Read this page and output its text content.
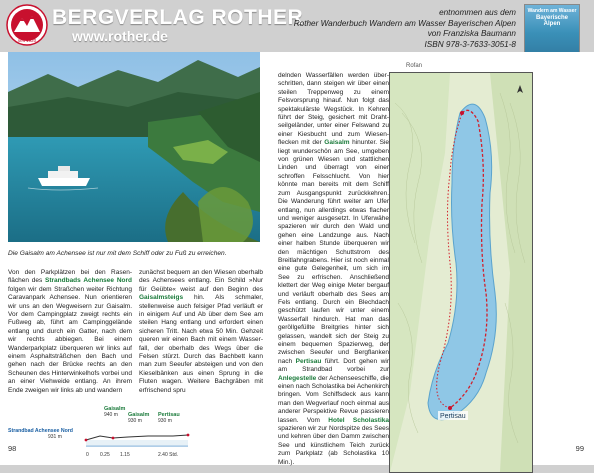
seit 1920
BERGVERLAG ROTHER
www.rother.de
entnommen aus dem
Rother Wanderbuch Wandern am Wasser Bayerischen Alpen
von Franziska Baumann
ISBN 978-3-7633-3051-8
Wandern am Wasser
Bayerische Alpen
Die Gaisalm am Achensee ist nur mit dem Schiff oder zu Fuß zu erreichen.

Von den Parkplätzen bei den Rasenflächen des Strandbads Achensee Nord folgen wir dem Straßchen weiter Richtung Caravanpark Achensee. Nun orientieren wir uns an den Wegweisern zur Gaisalm. Vor dem Campingplatz zweigt rechts ein Fußweg ab, führt am Campinggelände entlang und durch ein Gatter, nach dem wir rechts abbiegen. Bei einem Wanderparkplatz überqueren wir links auf einem Asphaltsträßchen den Bach und gehen nach der Brücke rechts an den Scheunen des Hinterwinkelhofs vorbei und an einer Viehweide entlang. An ihrem Ende zweigen wir links ab und wandern

zunächst bequem an den Wiesen oberhalb des Achensees entlang. Ein Schild »Nur für Geübte« weist auf den Beginn des Gaisalmsteigs hin. Als schmaler, stellenweise auch felsiger Pfad verläuft er in einigem Auf und Ab über dem See am steilen Hang entlang und erfordert einen sicheren Tritt. Nach etwa 50 Min. Gehzeit queren wir einen Bach mit einem Wasserfall, der oberhalb des Wegs über die Felsen stürzt. Durch das Bachbett kann man zum Seeufer absteigen und von den Kieselbänken aus einen Sprung in die Fluten wagen. Weitere Bachgräben mit erfrischend spru

Gaisalm
940 m Gaisalm
930 m
Pertisau
930 m
Strandbad Achensee Nord
931 m
0 0.25 1.15	2.40 Std.
98
Rofan

delnden Wasserfällen werden überschritten, dann steigen wir über einen steilen Treppenweg zu einem Felsvorsprung hinauf. Nun folgt das spektakulärste Wegstück. In Kehren führt der Steig, gesichert mit Drahtseilgeländer, unter einer Felswand zu einer Kiesbucht und zum Wiesenflecken mit der Gaisalm hinunter. Sie liegt wunderschön am See, umgeben von grünen Wiesen und stattlichen Linden und überragt von einer schroffen Felsschlucht. Von hier könnte man bereits mit dem Schiff zum Ausgangspunkt zurückkehren. Die Wanderung führt weiter am Ufer entlang, nun allerdings etwas flacher und weniger ausgesetzt. In Uferwähe spazieren wir durch den Wald und gehen eine Landzunge aus. Nach einer halben Stunde überqueren wir den mächtigen Schuttstrom des Breitlahngrabens. Hier ist noch einmal eine gute Gelegenheit, um sich im See zu erfrischen. Anschließend klettert der Weg einige Meter bergauf und verläuft oberhalb des Sees am Fels entlang. Durch ein Blechdach geschützt laufen wir unter einem Wasserfall hindurch. Hat man das geröllgefüllte Breitgries hinter sich gelassen, wandelt sich der Steig zu einem bequemen Spazierweg, der zwischen Seeufer und Bergflanken nach Pertisau führt. Dort gehen wir am Strandbad vorbei zur Anlegestelle der Achenseeschiffe, die einen nach Scholastika bei Achenkirch bringen. Vom Schiffsdeck aus kann man den Wegverlauf noch einmal aus anderer Perspektive Revue passieren lassen. Vom Hotel Scholastika spazieren wir zur Nordspitze des Sees und kehren über den Damm zwischen See und künstlichem Teich zurück zum Parkplatz (ab Scholastika 10 Min.).

Pertisau
99
